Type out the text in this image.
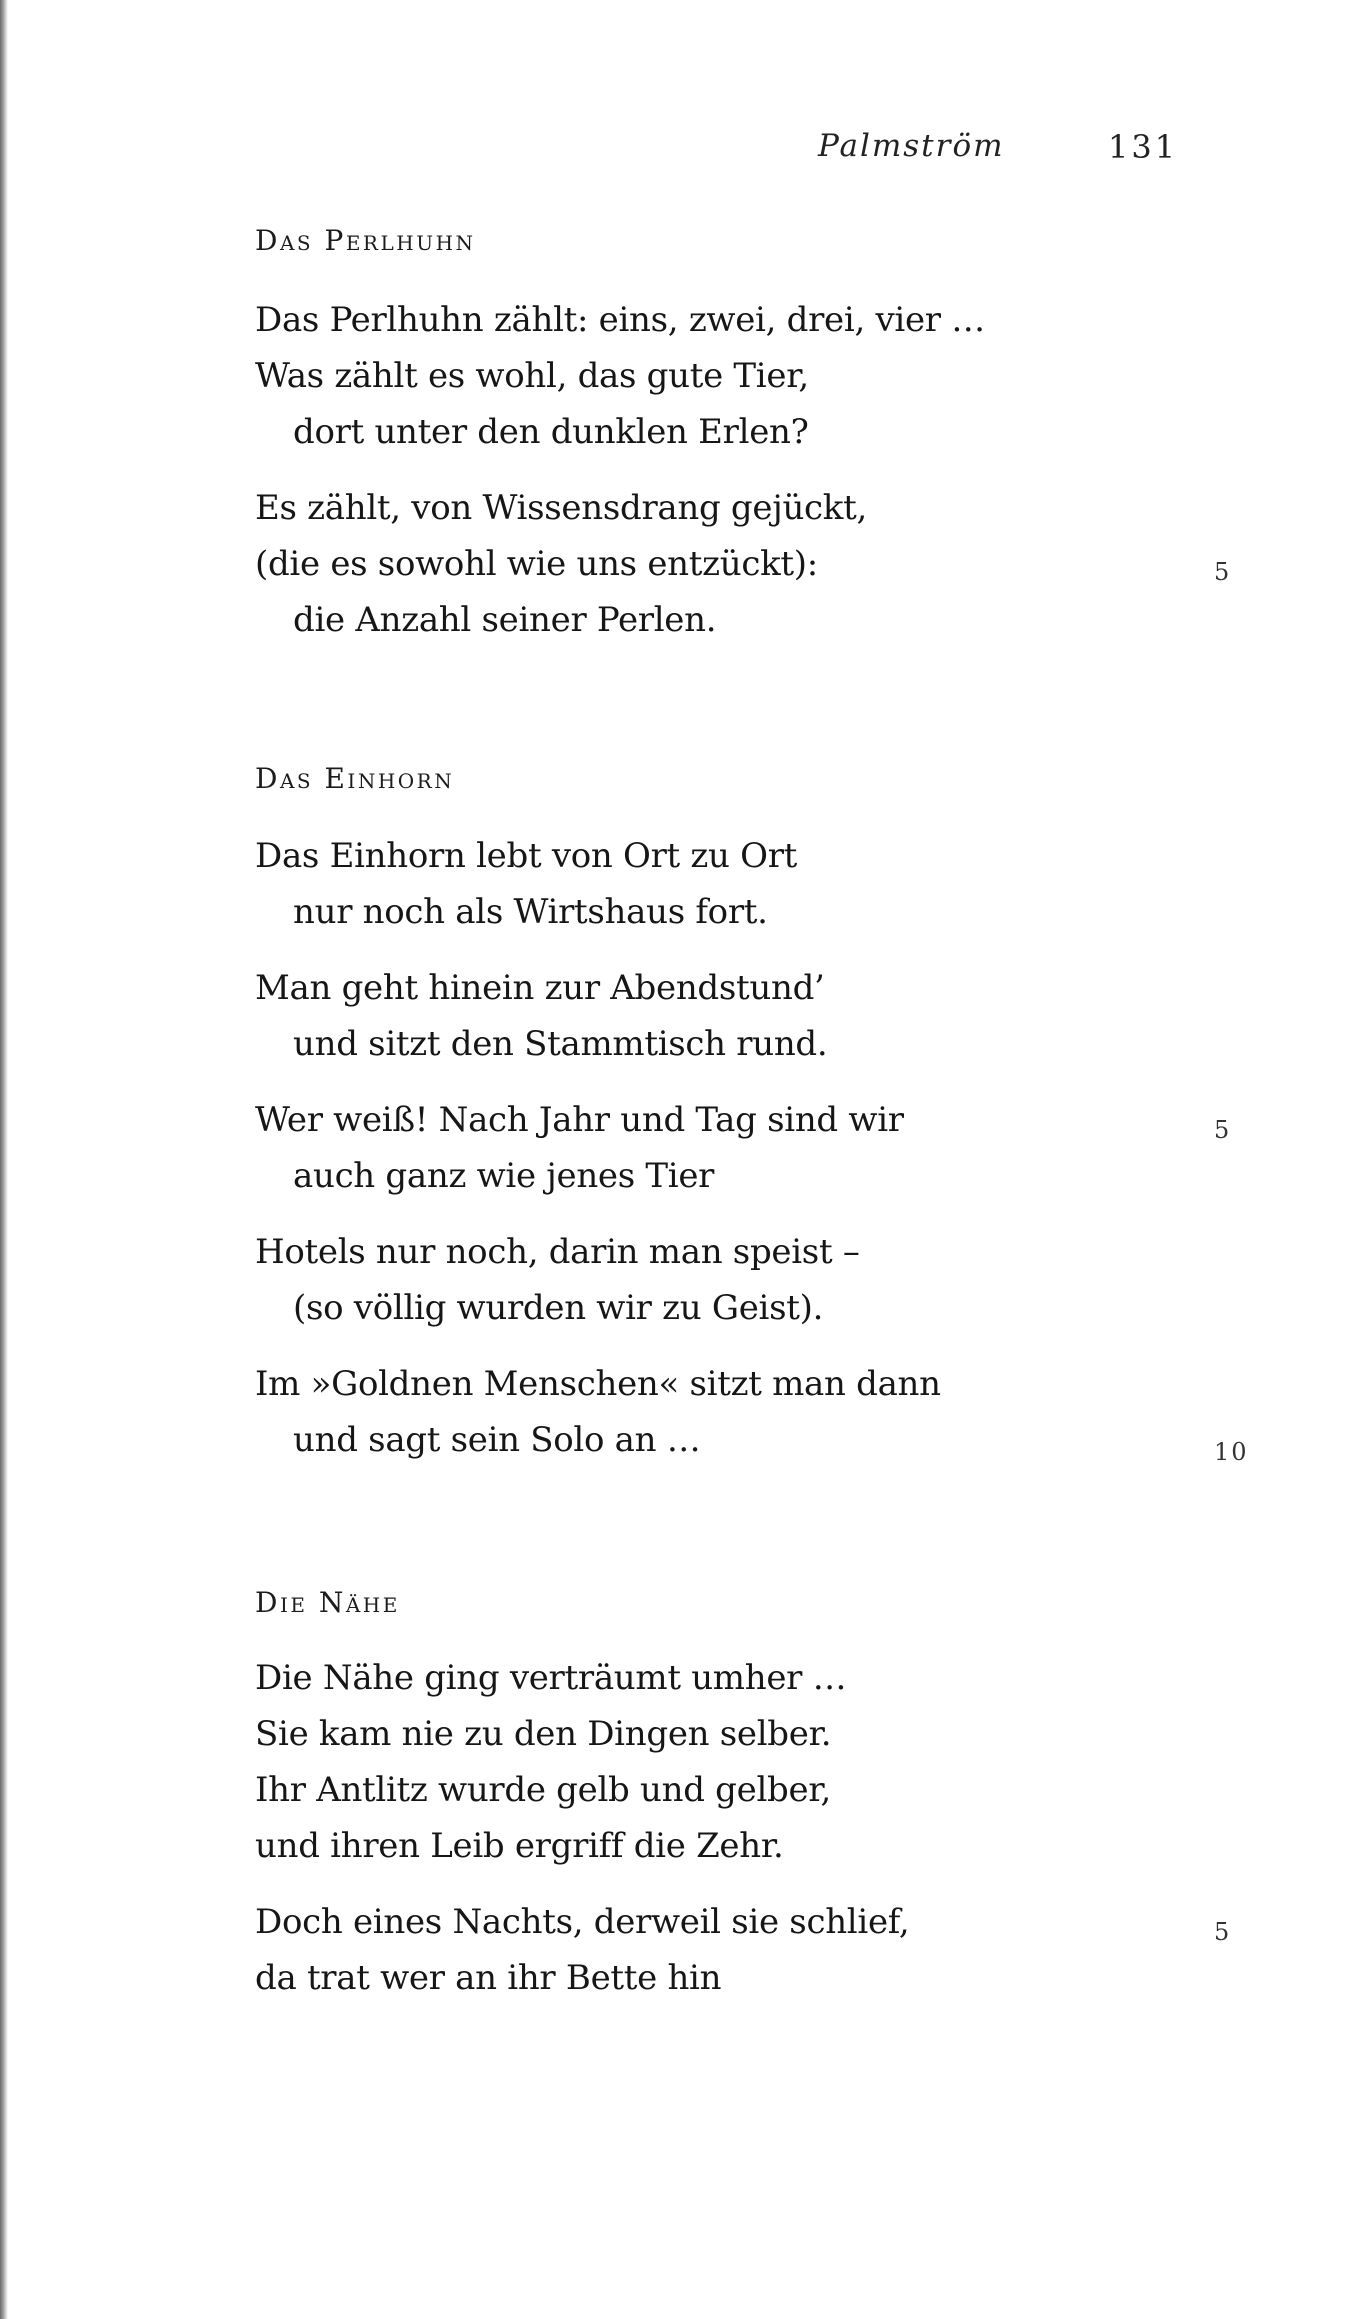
Palmström	131
Das Perlhuhn
Das Perlhuhn zählt: eins, zwei, drei, vier …
Was zählt es wohl, das gute Tier,
dort unter den dunklen Erlen?
Es zählt, von Wissensdrang gejückt,
(die es sowohl wie uns entzückt):	5
die Anzahl seiner Perlen.
Das Einhorn
Das Einhorn lebt von Ort zu Ort
nur noch als Wirtshaus fort.
Man geht hinein zur Abendstund’
und sitzt den Stammtisch rund.
Wer weiß! Nach Jahr und Tag sind wir	5
auch ganz wie jenes Tier
Hotels nur noch, darin man speist –
(so völlig wurden wir zu Geist).
Im »Goldnen Menschen« sitzt man dann
und sagt sein Solo an …	10
Die Nähe
Die Nähe ging verträumt umher …
Sie kam nie zu den Dingen selber.
Ihr Antlitz wurde gelb und gelber,
und ihren Leib ergriff die Zehr.
Doch eines Nachts, derweil sie schlief,	5
da trat wer an ihr Bette hin
